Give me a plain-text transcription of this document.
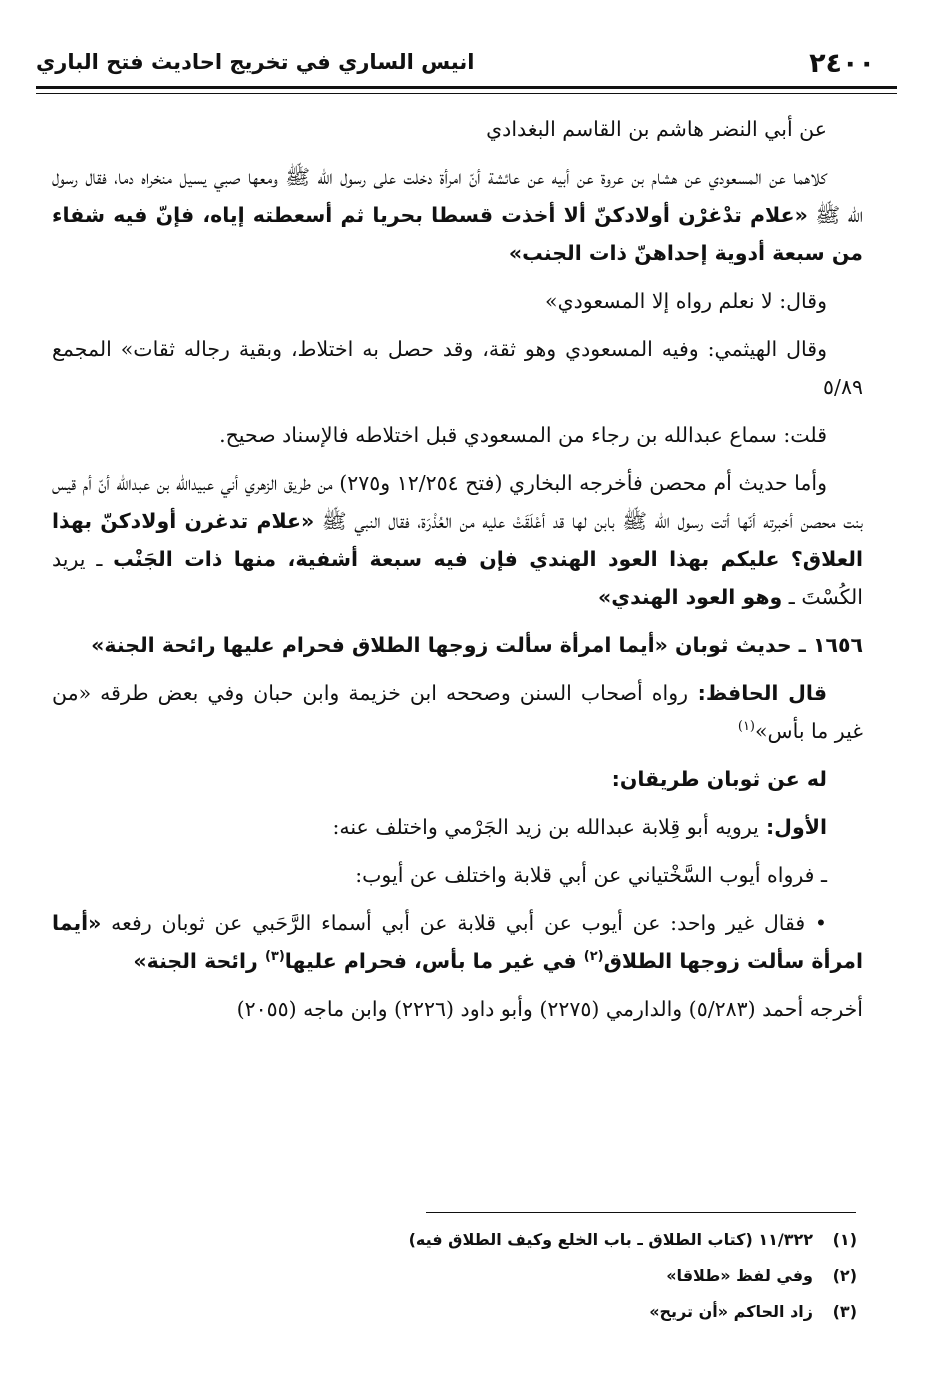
٢٤٠٠
انيس الساري في تخريج احاديث فتح الباري

عن أبي النضر هاشم بن القاسم البغدادي

كلاهما عن المسعودي عن هشام بن عروة عن أبيه عن عائشة أنّ امرأة دخلت على رسول الله ﷺ ومعها صبي يسيل منخراه دما، فقال رسول الله ﷺ «علام تدْغرْن أولادكنّ ألا أخذت قسطا بحريا ثم أسعطته إياه، فإنّ فيه شفاء من سبعة أدوية إحداهنّ ذات الجنب»

وقال: لا نعلم رواه إلا المسعودي»

وقال الهيثمي: وفيه المسعودي وهو ثقة، وقد حصل به اختلاط، وبقية رجاله ثقات» المجمع ٥/٨٩

قلت: سماع عبدالله بن رجاء من المسعودي قبل اختلاطه فالإسناد صحيح.

وأما حديث أم محصن فأخرجه البخاري (فتح ١٢/٢٥٤ و٢٧٥) من طريق الزهري أني عبيدالله بن عبدالله أنّ أم قيس بنت محصن أخبرته أنّها أتت رسول الله ﷺ بابن لها قد أعْلَقَتْ عليه من العُذْرَة، فقال النبي ﷺ «علام تدغرن أولادكنّ بهذا العلاق؟ عليكم بهذا العود الهندي فإن فيه سبعة أشفية، منها ذات الجَنْب ـ يريد الكُسْتَ ـ وهو العود الهندي»

١٦٥٦ ـ حديث ثوبان «أيما امرأة سألت زوجها الطلاق فحرام عليها رائحة الجنة»

قال الحافظ: رواه أصحاب السنن وصححه ابن خزيمة وابن حبان وفي بعض طرقه «من غير ما بأس»$^{(١)}$

له عن ثوبان طريقان:

الأول: يرويه أبو قِلابة عبدالله بن زيد الجَرْمي واختلف عنه:

ـ فرواه أيوب السَّخْتياني عن أبي قلابة واختلف عن أيوب:

• فقال غير واحد: عن أيوب عن أبي قلابة عن أبي أسماء الرَّحَبي عن ثوبان رفعه «أيما امرأة سألت زوجها الطلاق$^{(٢)}$ في غير ما بأس، فحرام عليها$^{(٣)}$ رائحة الجنة»

أخرجه أحمد (٥/٢٨٣) والدارمي (٢٢٧٥) وأبو داود (٢٢٢٦) وابن ماجه (٢٠٥٥)

(١)١١/٣٢٢ (كتاب الطلاق ـ باب الخلع وكيف الطلاق فيه)
(٢)وفي لفظ «طلاقا»
(٣)زاد الحاكم «أن تريح»
